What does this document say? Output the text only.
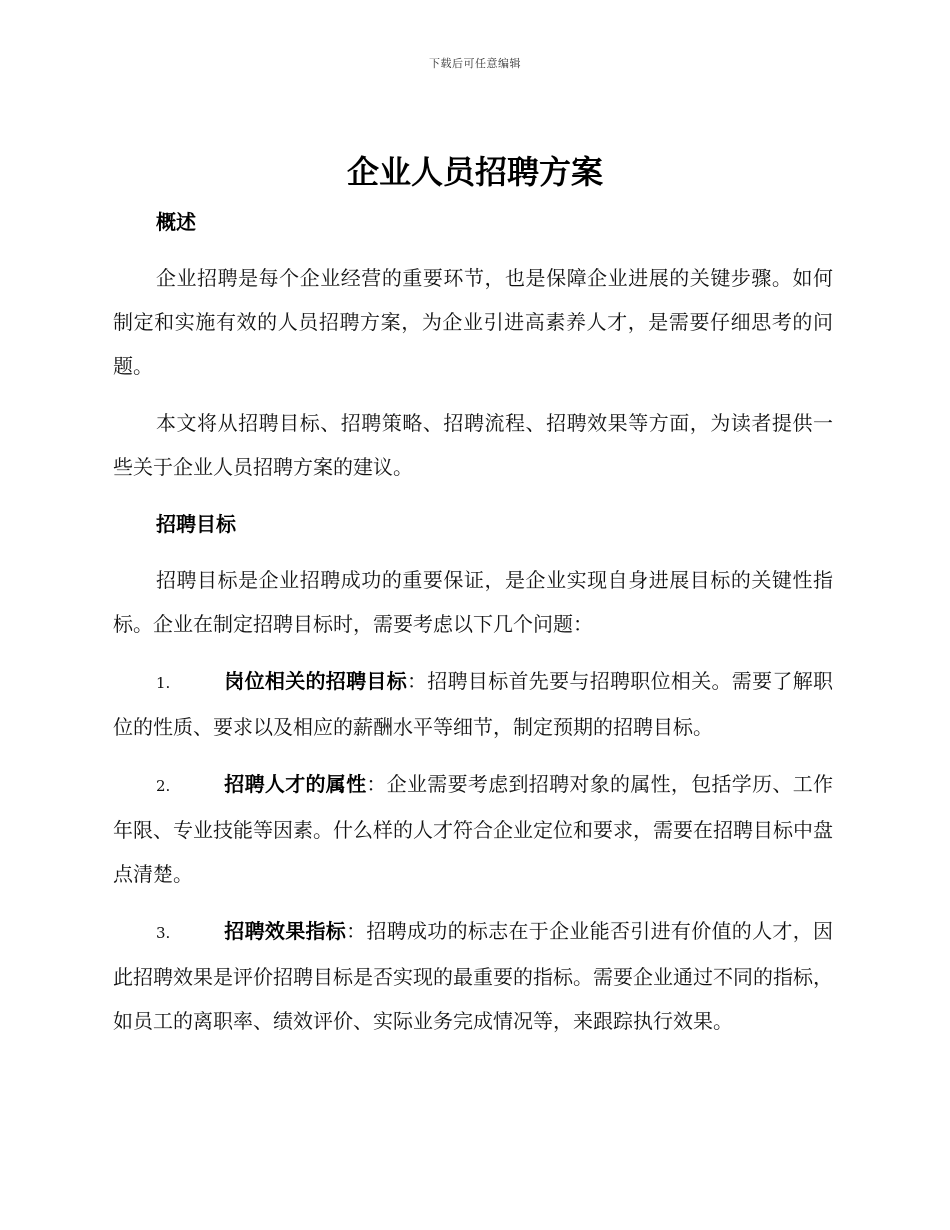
下载后可任意编辑
企业人员招聘方案
概述

企业招聘是每个企业经营的重要环节，也是保障企业进展的关键步骤。如何制定和实施有效的人员招聘方案，为企业引进高素养人才，是需要仔细思考的问题。

本文将从招聘目标、招聘策略、招聘流程、招聘效果等方面，为读者提供一些关于企业人员招聘方案的建议。

招聘目标

招聘目标是企业招聘成功的重要保证，是企业实现自身进展目标的关键性指标。企业在制定招聘目标时，需要考虑以下几个问题：

1.	岗位相关的招聘目标：招聘目标首先要与招聘职位相关。需要了解职位的性质、要求以及相应的薪酬水平等细节，制定预期的招聘目标。

2.	招聘人才的属性：企业需要考虑到招聘对象的属性，包括学历、工作年限、专业技能等因素。什么样的人才符合企业定位和要求，需要在招聘目标中盘点清楚。

3.	招聘效果指标：招聘成功的标志在于企业能否引进有价值的人才，因此招聘效果是评价招聘目标是否实现的最重要的指标。需要企业通过不同的指标，如员工的离职率、绩效评价、实际业务完成情况等，来跟踪执行效果。
